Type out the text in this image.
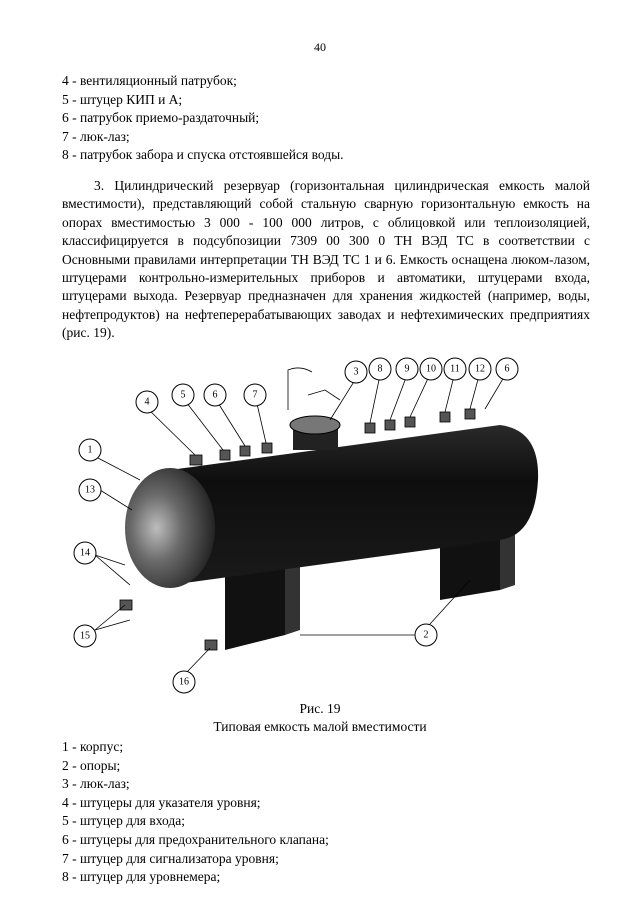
40
4 - вентиляционный патрубок;
5 - штуцер КИП и А;
6 - патрубок приемо-раздаточный;
7 - люк-лаз;
8 - патрубок забора и спуска отстоявшейся воды.

3. Цилиндрический резервуар (горизонтальная цилиндрическая емкость малой вместимости), представляющий собой стальную сварную горизонтальную емкость на опорах вместимостью 3 000 - 100 000 литров, с облицовкой или теплоизоляцией, классифицируется в подсубпозиции 7309 00 300 0 ТН ВЭД ТС в соответствии с Основными правилами интерпретации ТН ВЭД ТС 1 и 6. Емкость оснащена люком-лазом, штуцерами контрольно-измерительных приборов и автоматики, штуцерами входа, штуцерами выхода. Резервуар предназначен для хранения жидкостей (например, воды, нефтепродуктов) на нефтеперерабатывающих заводах и нефтехимических предприятиях (рис. 19).

1
2
3
4
5	6	7
8 9 10 11 12 6
13
14
15
16
Рис. 19
Типовая емкость малой вместимости
1 - корпус;
2 - опоры;
3 - люк-лаз;
4 - штуцеры для указателя уровня;
5 - штуцер для входа;
6 - штуцеры для предохранительного клапана;
7 - штуцер для сигнализатора уровня;
8 - штуцер для уровнемера;
